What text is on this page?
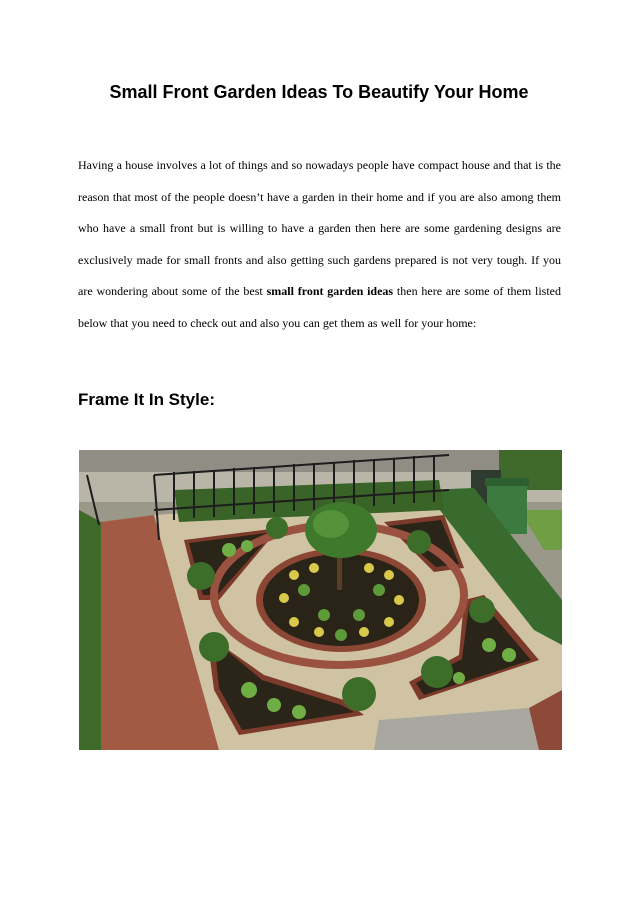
Small Front Garden Ideas To Beautify Your Home

Having a house involves a lot of things and so nowadays people have compact house and that is the reason that most of the people doesn’t have a garden in their home and if you are also among them who have a small front but is willing to have a garden then here are some gardening designs are exclusively made for small fronts and also getting such gardens prepared is not very tough. If you are wondering about some of the best small front garden ideas then here are some of them listed below that you need to check out and also you can get them as well for your home:

Frame It In Style:
